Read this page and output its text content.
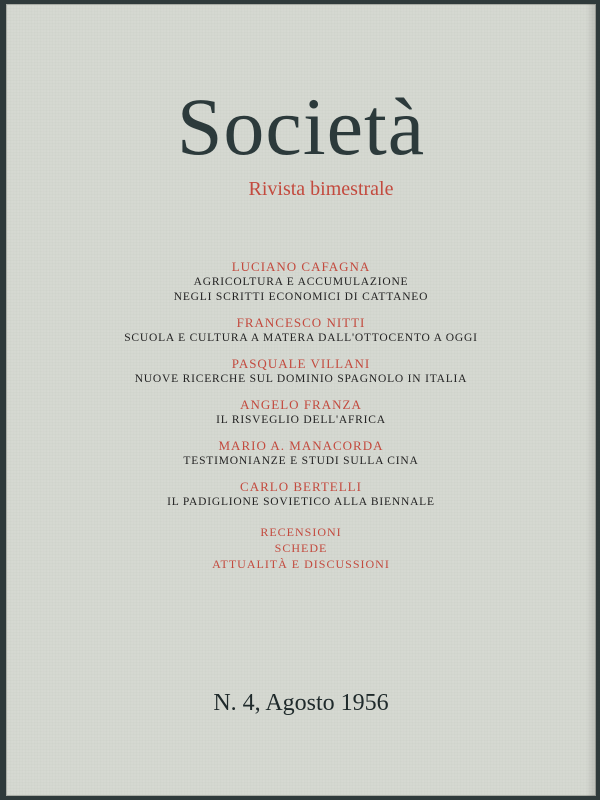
Società
Rivista bimestrale
LUCIANO CAFAGNA
AGRICOLTURA E ACCUMULAZIONE
NEGLI SCRITTI ECONOMICI DI CATTANEO
FRANCESCO NITTI
SCUOLA E CULTURA A MATERA DALL'OTTOCENTO A OGGI
PASQUALE VILLANI
NUOVE RICERCHE SUL DOMINIO SPAGNOLO IN ITALIA
ANGELO FRANZA
IL RISVEGLIO DELL'AFRICA
MARIO A. MANACORDA
TESTIMONIANZE E STUDI SULLA CINA
CARLO BERTELLI
IL PADIGLIONE SOVIETICO ALLA BIENNALE
RECENSIONI
SCHEDE
ATTUALITÀ E DISCUSSIONI
N. 4, Agosto 1956
